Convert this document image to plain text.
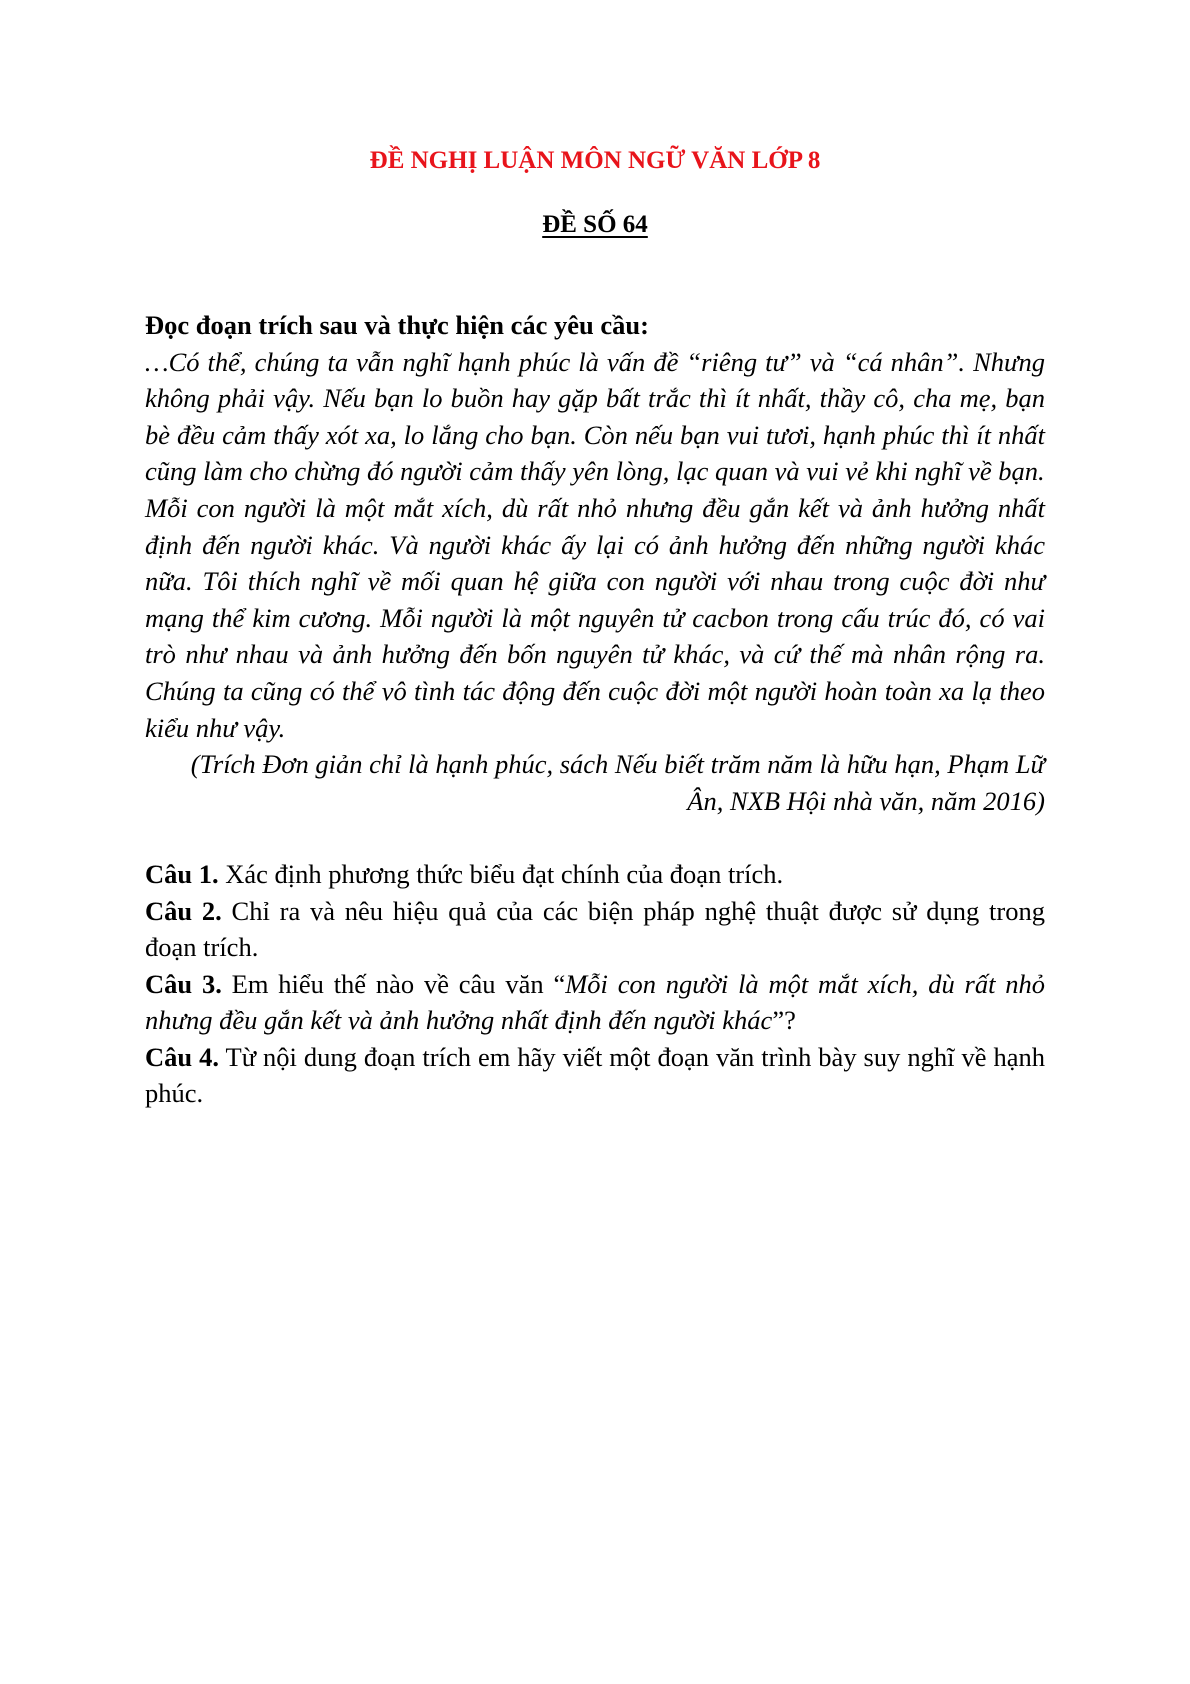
ĐỀ NGHỊ LUẬN MÔN NGỮ VĂN LỚP 8
ĐỀ SỐ 64

Đọc đoạn trích sau và thực hiện các yêu cầu:

…Có thể, chúng ta vẫn nghĩ hạnh phúc là vấn đề “riêng tư” và “cá nhân”. Nhưng không phải vậy. Nếu bạn lo buồn hay gặp bất trắc thì ít nhất, thầy cô, cha mẹ, bạn bè đều cảm thấy xót xa, lo lắng cho bạn. Còn nếu bạn vui tươi, hạnh phúc thì ít nhất cũng làm cho chừng đó người cảm thấy yên lòng, lạc quan và vui vẻ khi nghĩ về bạn.

Mỗi con người là một mắt xích, dù rất nhỏ nhưng đều gắn kết và ảnh hưởng nhất định đến người khác. Và người khác ấy lại có ảnh hưởng đến những người khác nữa. Tôi thích nghĩ về mối quan hệ giữa con người với nhau trong cuộc đời như mạng thể kim cương. Mỗi người là một nguyên tử cacbon trong cấu trúc đó, có vai trò như nhau và ảnh hưởng đến bốn nguyên tử khác, và cứ thế mà nhân rộng ra. Chúng ta cũng có thể vô tình tác động đến cuộc đời một người hoàn toàn xa lạ theo kiểu như vậy.

(Trích Đơn giản chỉ là hạnh phúc, sách Nếu biết trăm năm là hữu hạn, Phạm Lữ
Ân, NXB Hội nhà văn, năm 2016)

Câu 1. Xác định phương thức biểu đạt chính của đoạn trích.

Câu 2. Chỉ ra và nêu hiệu quả của các biện pháp nghệ thuật được sử dụng trong đoạn trích.

Câu 3. Em hiểu thế nào về câu văn “Mỗi con người là một mắt xích, dù rất nhỏ nhưng đều gắn kết và ảnh hưởng nhất định đến người khác”?

Câu 4. Từ nội dung đoạn trích em hãy viết một đoạn văn trình bày suy nghĩ về hạnh phúc.
